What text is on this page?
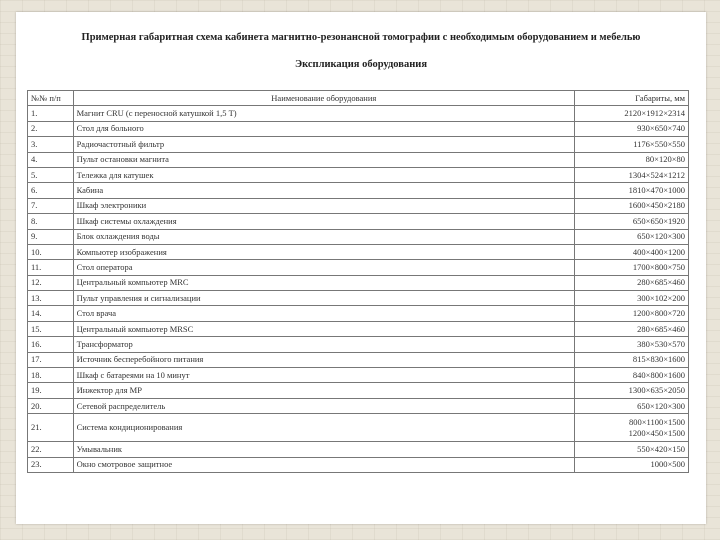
Примерная габаритная схема кабинета магнитно-резонансной томографии с необходимым оборудованием и мебелью
Экспликация оборудования
№№ п/п	Наименование оборудования	Габариты, мм
1.	Магнит CRU (с переносной катушкой 1,5 T)	2120×1912×2314

2.	Стол для больного	930×650×740

3.	Радиочастотный фильтр	1176×550×550

4.	Пульт остановки магнита	80×120×80

5.	Тележка для катушек	1304×524×1212

6.	Кабина	1810×470×1000

7.	Шкаф электроники	1600×450×2180

8.	Шкаф системы охлаждения	650×650×1920

9.	Блок охлаждения воды	650×120×300

10.	Компьютер изображения	400×400×1200

11.	Стол оператора	1700×800×750

12.	Центральный компьютер MRC	280×685×460

13.	Пульт управления и сигнализации	300×102×200

14.	Стол врача	1200×800×720

15.	Центральный компьютер MRSC	280×685×460

16.	Трансформатор	380×530×570

17.	Источник бесперебойного питания	815×830×1600

18.	Шкаф с батареями на 10 минут	840×800×1600

19.	Инжектор для МР	1300×635×2050

20.	Сетевой распределитель	650×120×300

21.	Система кондиционирования	800×1100×1500
1200×450×1500

22.	Умывальник	550×420×150

23.	Окно смотровое защитное	1000×500
